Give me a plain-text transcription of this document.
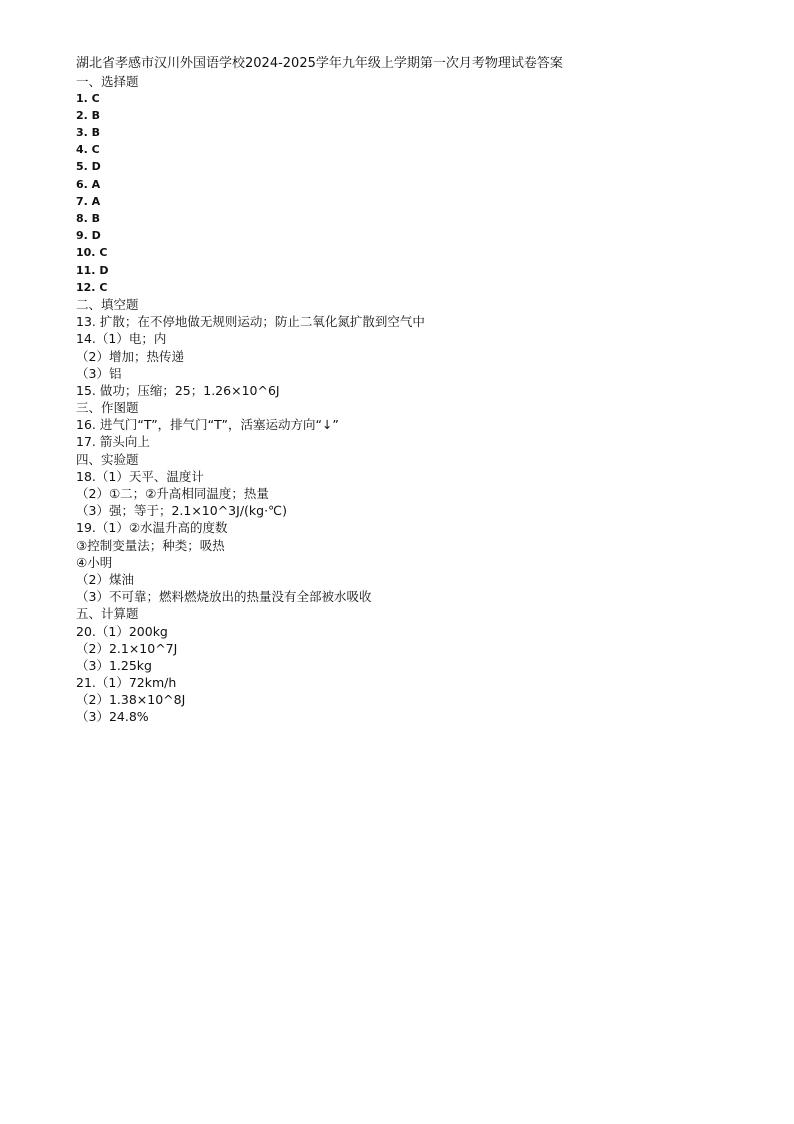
湖北省孝感市汉川外国语学校2024-2025学年九年级上学期第一次月考物理试卷答案
一、选择题
1. C
2. B
3. B
4. C
5. D
6. A
7. A
8. B
9. D
10. C
11. D
12. C
二、填空题
13. 扩散；在不停地做无规则运动；防止二氧化氮扩散到空气中
14.（1）电；内
（2）增加；热传递
（3）铝
15. 做功；压缩；25；1.26×10^6J
三、作图题
16. 进气门“T”，排气门“T”，活塞运动方向“↓”
17. 箭头向上
四、实验题
18.（1）天平、温度计
（2）①二；②升高相同温度；热量
（3）强；等于；2.1×10^3J/(kg·℃)
19.（1）②水温升高的度数
③控制变量法；种类；吸热
④小明
（2）煤油
（3）不可靠；燃料燃烧放出的热量没有全部被水吸收
五、计算题
20.（1）200kg
（2）2.1×10^7J
（3）1.25kg
21.（1）72km/h
（2）1.38×10^8J
（3）24.8%
